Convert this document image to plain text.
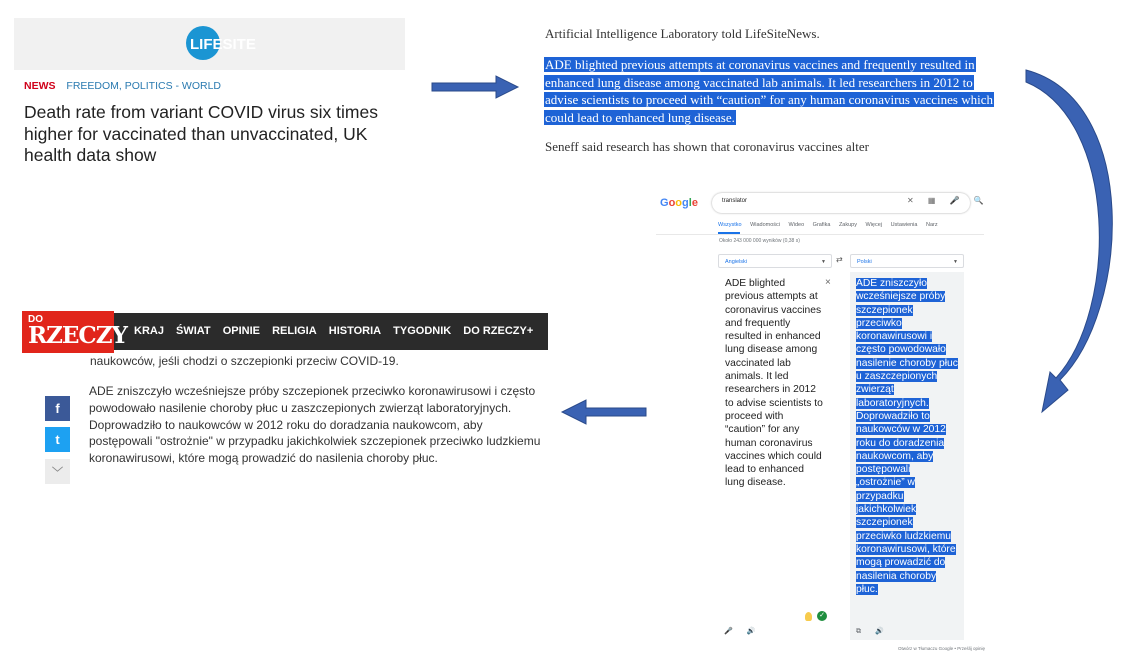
LIFESITE
NEWS FREEDOM, POLITICS - WORLD
Death rate from variant COVID virus six times higher for vaccinated than unvaccinated, UK health data show
Artificial Intelligence Laboratory told LifeSiteNews.
ADE blighted previous attempts at coronavirus vaccines and frequently resulted in enhanced lung disease among vaccinated lab animals. It led researchers in 2012 to advise scientists to proceed with “caution” for any human coronavirus vaccines which could lead to enhanced lung disease.
Seneff said research has shown that coronavirus vaccines alter
Google	translator	✕ ▦ 🎤 🔍
Wszystko Wiadomości Wideo Grafika Zakupy Więcej Ustawienia Narz
Około 243 000 000 wyników (0,38 s)
Angielski	▼ ⇄	Polski	▼
ADE blighted previous attempts at coronavirus vaccines and frequently resulted in enhanced lung disease among vaccinated lab animals. It led researchers in 2012 to advise scientists to proceed with “caution” for any human coronavirus vaccines which could lead to enhanced lung disease.
× ADE zniszczyło wcześniejsze próby szczepionek przeciwko koronawirusowi i często powodowało nasilenie choroby płuc u zaszczepionych zwierząt laboratoryjnych. Doprowadziło to naukowców w 2012 roku do doradzenia naukowcom, aby postępowali „ostrożnie” w przypadku jakichkolwiek szczepionek przeciwko ludzkiemu koronawirusowi, które mogą prowadzić do nasilenia choroby płuc.
✓
🎤 🔊	⧉ 🔊
Otwórz w Tłumaczu Google • Prześlij opinię
DO
RZECZY KRAJ ŚWIAT OPINIE RELIGIA HISTORIA TYGODNIK DO RZECZY+
naukowców, jeśli chodzi o szczepionki przeciw COVID-19.
ADE zniszczyło wcześniejsze próby szczepionek przeciwko koronawirusowi i często powodowało nasilenie choroby płuc u zaszczepionych zwierząt laboratoryjnych. Doprowadziło to naukowców w 2012 roku do doradzania naukowcom, aby postępowali "ostrożnie" w przypadku jakichkolwiek szczepionek przeciwko ludzkiemu koronawirusowi, które mogą prowadzić do nasilenia choroby płuc.
f
t
﹀
